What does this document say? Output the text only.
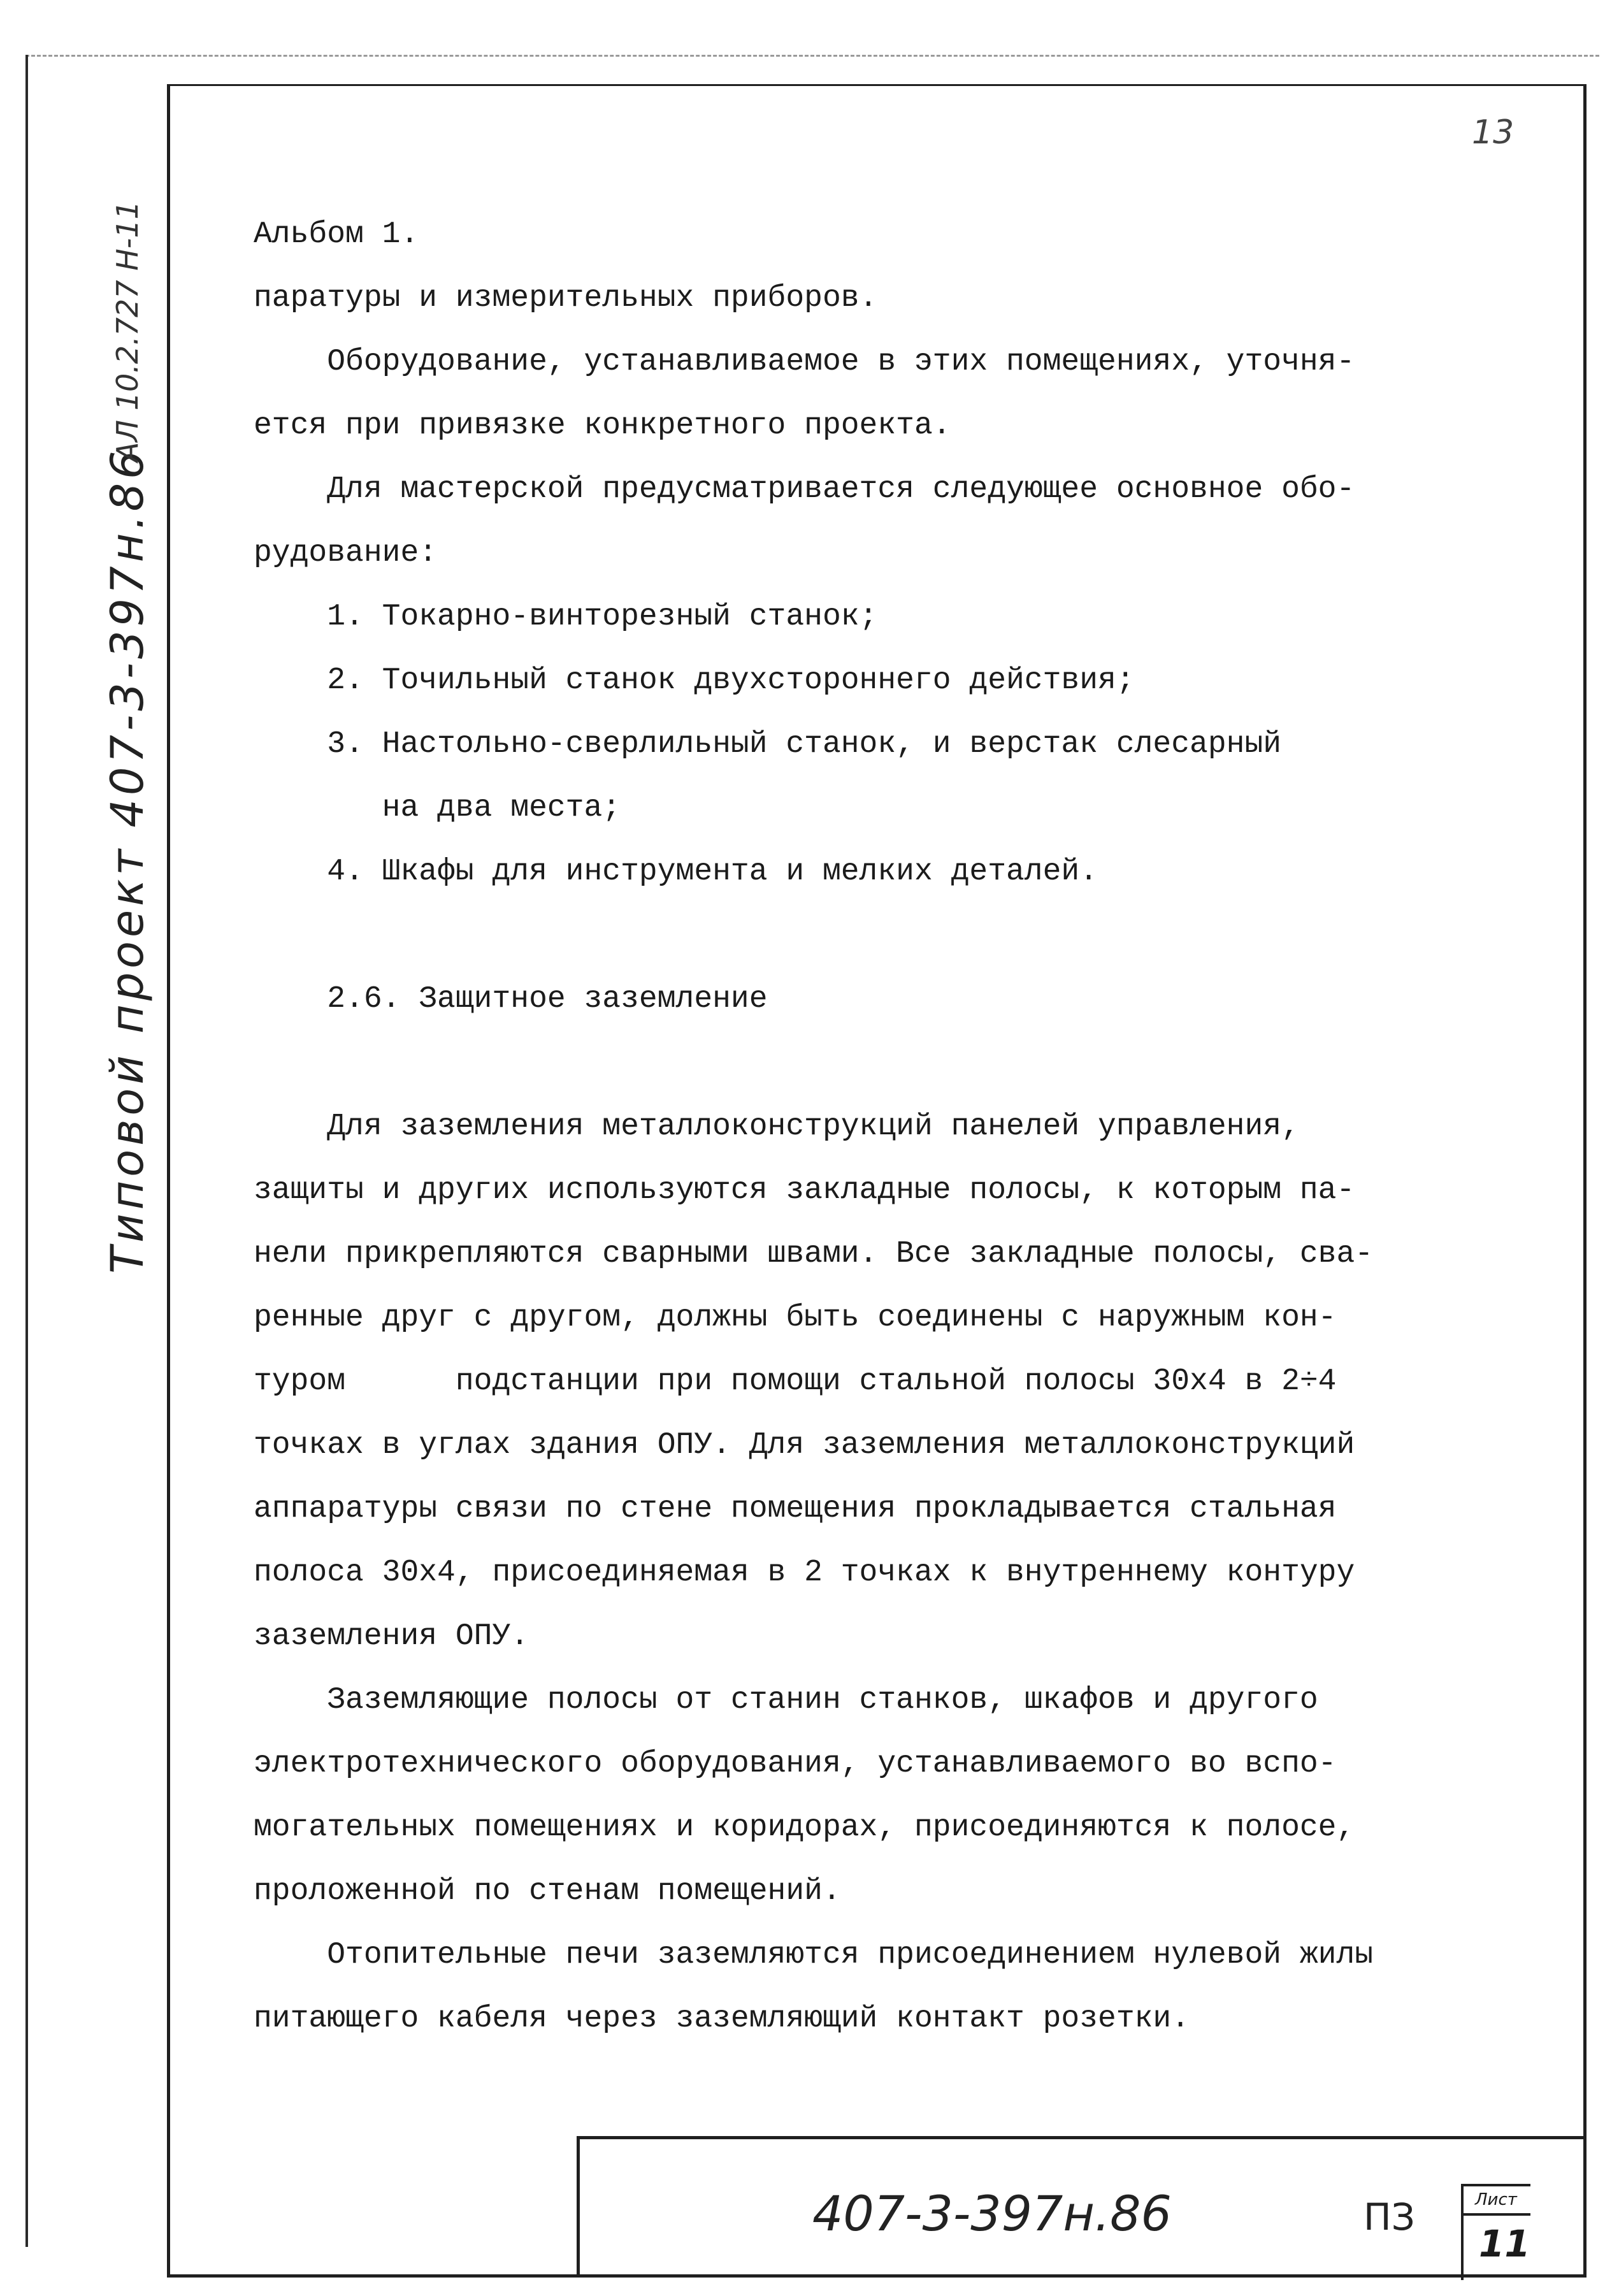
Типовой проект 407-3-397н.86
АЛ 10.2.727 Н-11
13
Альбом 1.
паратуры и измерительных приборов.
Оборудование, устанавливаемое в этих помещениях, уточня-
ется при привязке конкретного проекта.
Для мастерской предусматривается следующее основное обо-
рудование:
1. Токарно-винторезный станок;
2. Точильный станок двухстороннего действия;
3. Настольно-сверлильный станок, и верстак слесарный
на два места;
4. Шкафы для инструмента и мелких деталей.
2.6. Защитное заземление
Для заземления металлоконструкций панелей управления,
защиты и других используются закладные полосы, к которым па-
нели прикрепляются сварными швами. Все закладные полосы, сва-
ренные друг с другом, должны быть соединены с наружным кон-
туром      подстанции при помощи стальной полосы 30х4 в 2÷4
точках в углах здания ОПУ. Для заземления металлоконструкций
аппаратуры связи по стене помещения прокладывается стальная
полоса 30х4, присоединяемая в 2 точках к внутреннему контуру
заземления ОПУ.
Заземляющие полосы от станин станков, шкафов и другого
электротехнического оборудования, устанавливаемого во вспо-
могательных помещениях и коридорах, присоединяются к полосе,
проложенной по стенам помещений.
Отопительные печи заземляются присоединением нулевой жилы
питающего кабеля через заземляющий контакт розетки.
407-3-397н.86	ПЗ	Лист
11
